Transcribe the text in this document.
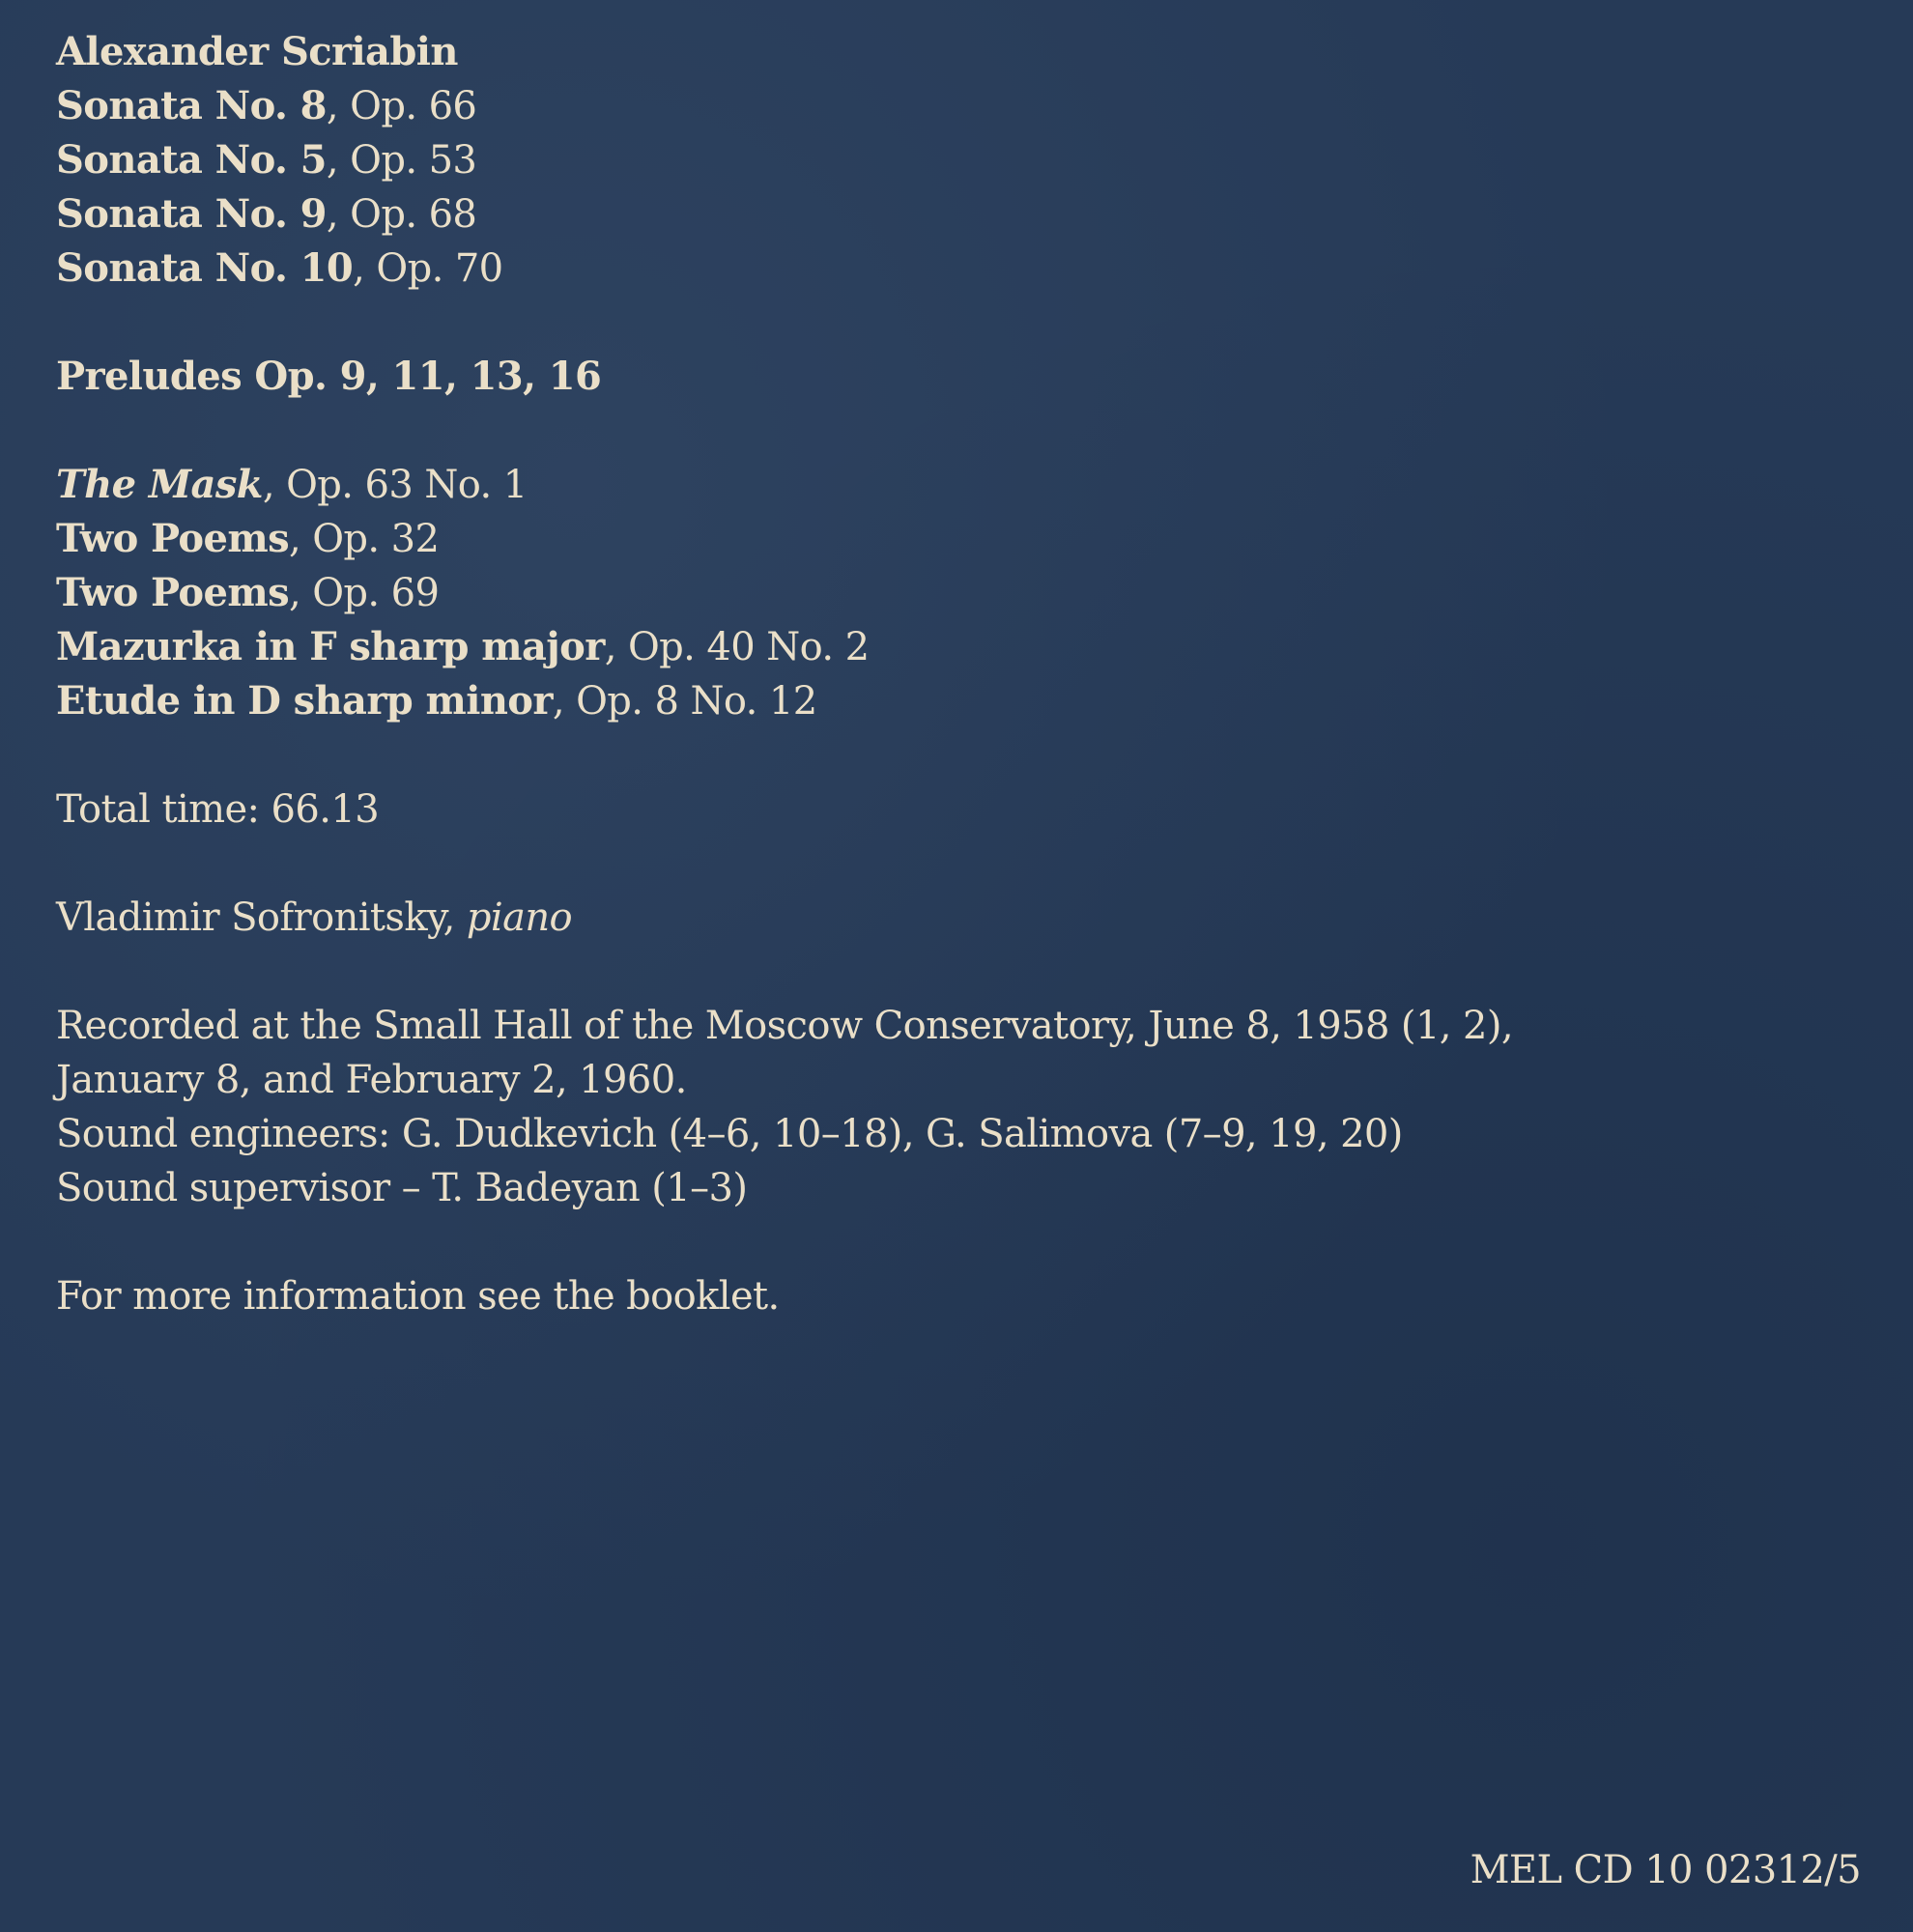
Alexander Scriabin
Sonata No. 8, Op. 66
Sonata No. 5, Op. 53
Sonata No. 9, Op. 68
Sonata No. 10, Op. 70
Preludes Op. 9, 11, 13, 16
The Mask, Op. 63 No. 1
Two Poems, Op. 32
Two Poems, Op. 69
Mazurka in F sharp major, Op. 40 No. 2
Etude in D sharp minor, Op. 8 No. 12
Total time: 66.13
Vladimir Sofronitsky, piano
Recorded at the Small Hall of the Moscow Conservatory, June 8, 1958 (1, 2),
January 8, and February 2, 1960.
Sound engineers: G. Dudkevich (4–6, 10–18), G. Salimova (7–9, 19, 20)
Sound supervisor – T. Badeyan (1–3)
For more information see the booklet.
MEL CD 10 02312/5
